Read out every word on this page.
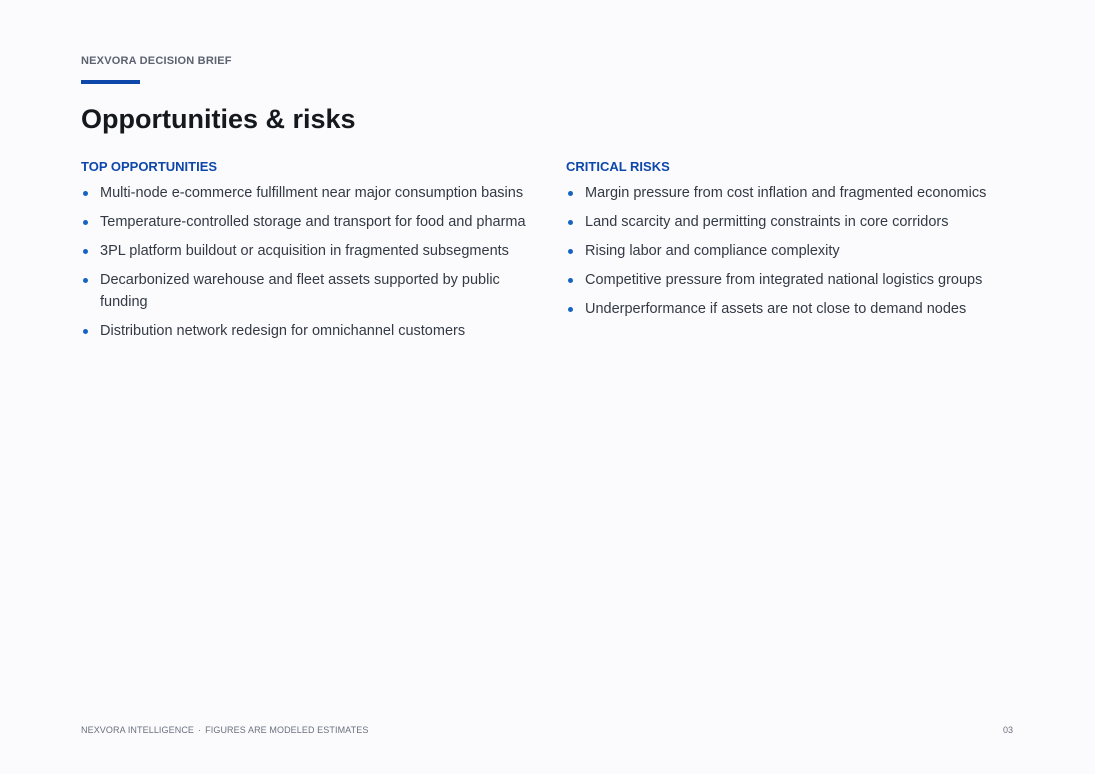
NEXVORA DECISION BRIEF
Opportunities & risks
TOP OPPORTUNITIES
Multi-node e-commerce fulfillment near major consumption basins
Temperature-controlled storage and transport for food and pharma
3PL platform buildout or acquisition in fragmented subsegments
Decarbonized warehouse and fleet assets supported by public funding
Distribution network redesign for omnichannel customers
CRITICAL RISKS
Margin pressure from cost inflation and fragmented economics
Land scarcity and permitting constraints in core corridors
Rising labor and compliance complexity
Competitive pressure from integrated national logistics groups
Underperformance if assets are not close to demand nodes
NEXVORA INTELLIGENCE · FIGURES ARE MODELED ESTIMATES	03
